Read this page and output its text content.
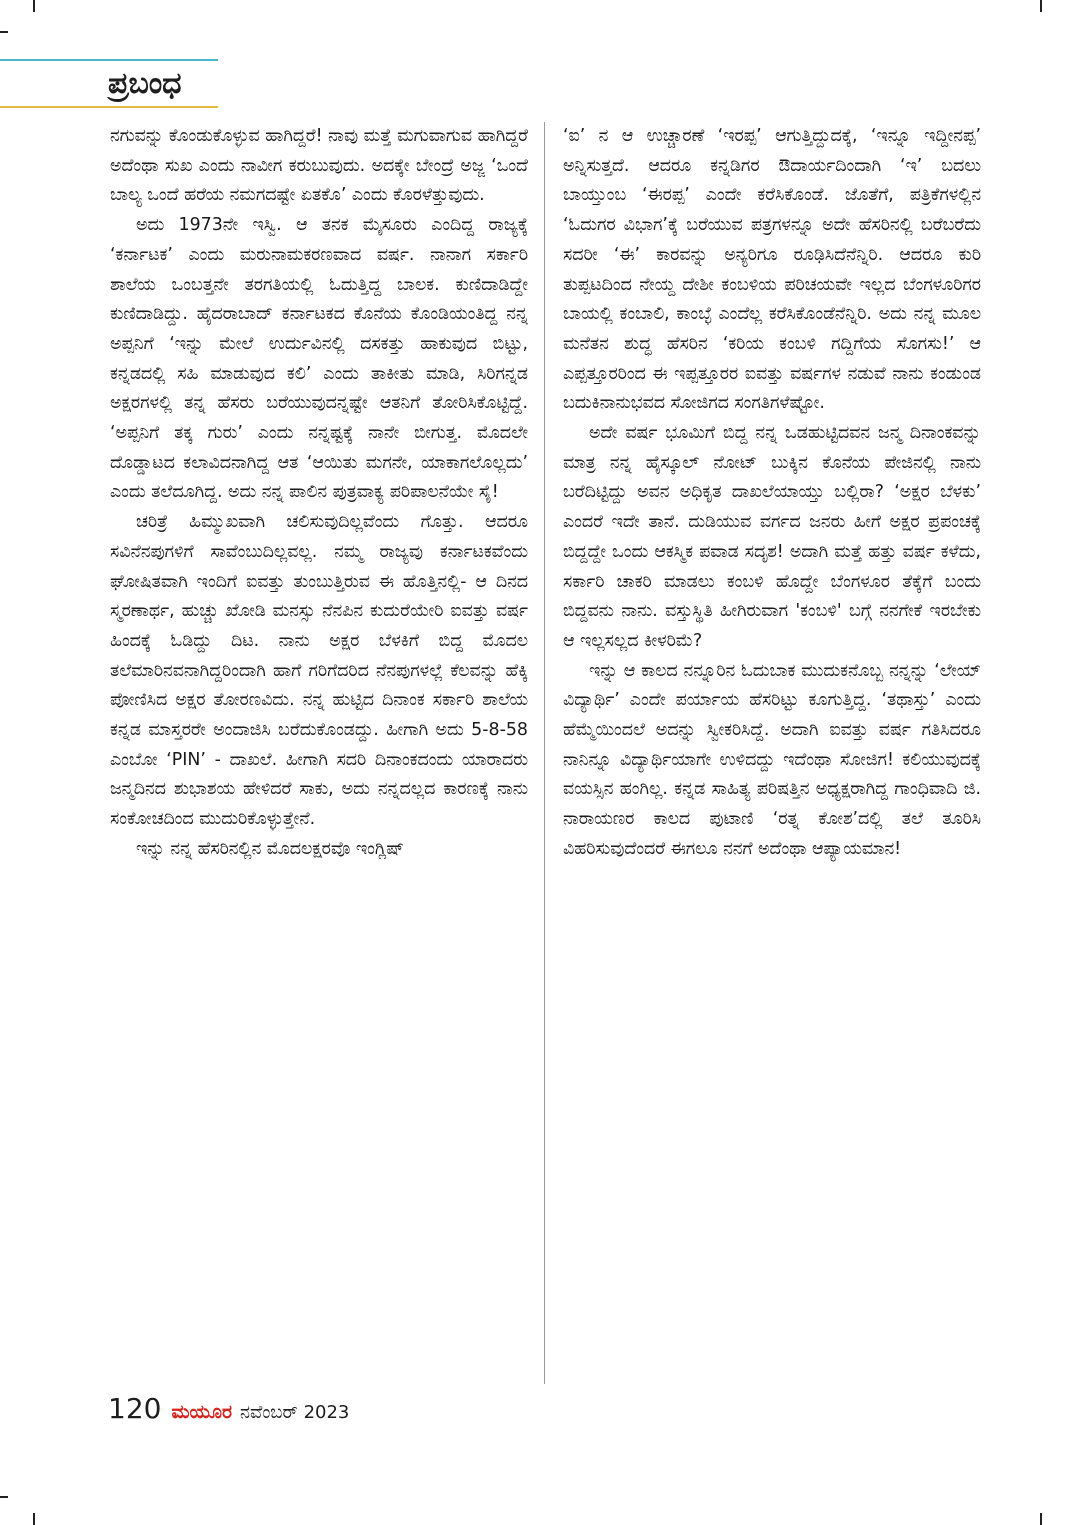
ಪ್ರಬಂಧ

ನಗುವನ್ನು ಕೊಂಡುಕೊಳ್ಳುವ ಹಾಗಿದ್ದರೆ! ನಾವು ಮತ್ತೆ ಮಗುವಾಗುವ ಹಾಗಿದ್ದರೆ ಅದೆಂಥಾ ಸುಖ ಎಂದು ನಾವೀಗ ಕರುಬುವುದು. ಅದಕ್ಕೇ ಬೇಂದ್ರೆ ಅಜ್ಜ ‘ಒಂದೆ ಬಾಲ್ಯ ಒಂದೆ ಹರೆಯ ನಮಗದಷ್ಟೇ ಏತಕೊ’ ಎಂದು ಕೊರಳೆತ್ತುವುದು.

ಅದು 1973ನೇ ಇಸ್ವಿ. ಆ ತನಕ ಮೈಸೂರು ಎಂದಿದ್ದ ರಾಜ್ಯಕ್ಕೆ ‘ಕರ್ನಾಟಕ’ ಎಂದು ಮರುನಾಮಕರಣವಾದ ವರ್ಷ. ನಾನಾಗ ಸರ್ಕಾರಿ ಶಾಲೆಯ ಒಂಬತ್ತನೇ ತರಗತಿಯಲ್ಲಿ ಓದುತ್ತಿದ್ದ ಬಾಲಕ. ಕುಣಿದಾಡಿದ್ದೇ ಕುಣಿದಾಡಿದ್ದು. ಹೈದರಾಬಾದ್ ಕರ್ನಾಟಕದ ಕೊನೆಯ ಕೊಂಡಿಯಂತಿದ್ದ ನನ್ನ ಅಪ್ಪನಿಗೆ ‘ಇನ್ನು ಮೇಲೆ ಉರ್ದುವಿನಲ್ಲಿ ದಸಕತ್ತು ಹಾಕುವುದ ಬಿಟ್ಟು, ಕನ್ನಡದಲ್ಲಿ ಸಹಿ ಮಾಡುವುದ ಕಲಿ’ ಎಂದು ತಾಕೀತು ಮಾಡಿ, ಸಿರಿಗನ್ನಡ ಅಕ್ಷರಗಳಲ್ಲಿ ತನ್ನ ಹೆಸರು ಬರೆಯುವುದನ್ನಷ್ಟೇ ಆತನಿಗೆ ತೋರಿಸಿಕೊಟ್ಟಿದ್ದೆ. ‘ಅಪ್ಪನಿಗೆ ತಕ್ಕ ಗುರು’ ಎಂದು ನನ್ನಷ್ಟಕ್ಕೆ ನಾನೇ ಬೀಗುತ್ತ. ಮೊದಲೇ ದೊಡ್ಡಾಟದ ಕಲಾವಿದನಾಗಿದ್ದ ಆತ ‘ಆಯಿತು ಮಗನೇ, ಯಾಕಾಗಲೊಲ್ಲದು’ ಎಂದು ತಲೆದೂಗಿದ್ದ. ಅದು ನನ್ನ ಪಾಲಿನ ಪುತ್ರವಾಕ್ಯ ಪರಿಪಾಲನೆಯೇ ಸೈ!

ಚರಿತ್ರೆ ಹಿಮ್ಮುಖವಾಗಿ ಚಲಿಸುವುದಿಲ್ಲವೆಂದು ಗೊತ್ತು. ಆದರೂ ಸವಿನೆನಪುಗಳಿಗೆ ಸಾವೆಂಬುದಿಲ್ಲವಲ್ಲ. ನಮ್ಮ ರಾಜ್ಯವು ಕರ್ನಾಟಕವೆಂದು ಘೋಷಿತವಾಗಿ ಇಂದಿಗೆ ಐವತ್ತು ತುಂಬುತ್ತಿರುವ ಈ ಹೊತ್ತಿನಲ್ಲಿ- ಆ ದಿನದ ಸ್ಮರಣಾರ್ಥ, ಹುಚ್ಚು ಖೋಡಿ ಮನಸ್ಸು ನೆನಪಿನ ಕುದುರೆಯೇರಿ ಐವತ್ತು ವರ್ಷ ಹಿಂದಕ್ಕೆ ಓಡಿದ್ದು ದಿಟ. ನಾನು ಅಕ್ಷರ ಬೆಳಕಿಗೆ ಬಿದ್ದ ಮೊದಲ ತಲೆಮಾರಿನವನಾಗಿದ್ದರಿಂದಾಗಿ ಹಾಗೆ ಗರಿಗೆದರಿದ ನೆನಪುಗಳಲ್ಲೆ ಕೆಲವನ್ನು ಹೆಕ್ಕಿ ಪೋಣಿಸಿದ ಅಕ್ಷರ ತೋರಣವಿದು. ನನ್ನ ಹುಟ್ಟಿದ ದಿನಾಂಕ ಸರ್ಕಾರಿ ಶಾಲೆಯ ಕನ್ನಡ ಮಾಸ್ತರರೇ ಅಂದಾಜಿಸಿ ಬರೆದುಕೊಂಡದ್ದು. ಹೀಗಾಗಿ ಅದು 5-8-58 ಎಂಬೋ ‘PIN’ - ದಾಖಲೆ. ಹೀಗಾಗಿ ಸದರಿ ದಿನಾಂಕದಂದು ಯಾರಾದರು ಜನ್ಮದಿನದ ಶುಭಾಶಯ ಹೇಳಿದರೆ ಸಾಕು, ಅದು ನನ್ನದಲ್ಲದ ಕಾರಣಕ್ಕೆ ನಾನು ಸಂಕೋಚದಿಂದ ಮುದುರಿಕೊಳ್ಳುತ್ತೇನೆ.

ಇನ್ನು ನನ್ನ ಹೆಸರಿನಲ್ಲಿನ ಮೊದಲಕ್ಷರವೊ ಇಂಗ್ಲಿಷ್

‘ಐ’ ನ ಆ ಉಚ್ಚಾರಣೆ ‘ಇರಪ್ಪ’ ಆಗುತ್ತಿದ್ದುದಕ್ಕೆ, ‘ಇನ್ನೂ ಇದ್ದೀನಪ್ಪ’ ಅನ್ನಿಸುತ್ತದೆ. ಆದರೂ ಕನ್ನಡಿಗರ ಔದಾರ್ಯದಿಂದಾಗಿ ‘ಇ’ ಬದಲು ಬಾಯ್ತುಂಬ ‘ಈರಪ್ಪ’ ಎಂದೇ ಕರೆಸಿಕೊಂಡೆ. ಜೊತೆಗೆ, ಪತ್ರಿಕೆಗಳಲ್ಲಿನ ‘ಓದುಗರ ವಿಭಾಗ’ಕ್ಕೆ ಬರೆಯುವ ಪತ್ರಗಳನ್ನೂ ಅದೇ ಹೆಸರಿನಲ್ಲಿ ಬರೆಬರೆದು ಸದರೀ ‘ಈ’ ಕಾರವನ್ನು ಅನ್ಯರಿಗೂ ರೂಢಿಸಿದೆನೆನ್ನಿರಿ. ಆದರೂ ಕುರಿ ತುಪ್ಪಟದಿಂದ ನೇಯ್ದ ದೇಶೀ ಕಂಬಳಿಯ ಪರಿಚಯವೇ ಇಲ್ಲದ ಬೆಂಗಳೂರಿಗರ ಬಾಯಲ್ಲಿ ಕಂಬಾಲಿ, ಕಾಂಬ್ಳೆ ಎಂದೆಲ್ಲ ಕರೆಸಿಕೊಂಡೆನೆನ್ನಿರಿ. ಅದು ನನ್ನ ಮೂಲ ಮನೆತನ ಶುದ್ಧ ಹೆಸರಿನ ‘ಕರಿಯ ಕಂಬಳಿ ಗದ್ದಿಗೆಯ ಸೊಗಸು!’ ಆ ಎಪ್ಪತ್ತೂರರಿಂದ ಈ ಇಪ್ಪತ್ತೂರರ ಐವತ್ತು ವರ್ಷಗಳ ನಡುವೆ ನಾನು ಕಂಡುಂಡ ಬದುಕಿನಾನುಭವದ ಸೋಜಿಗದ ಸಂಗತಿಗಳೆಷ್ಟೋ.

ಅದೇ ವರ್ಷ ಭೂಮಿಗೆ ಬಿದ್ದ ನನ್ನ ಒಡಹುಟ್ಟಿದವನ ಜನ್ಮ ದಿನಾಂಕವನ್ನು ಮಾತ್ರ ನನ್ನ ಹೈಸ್ಕೂಲ್ ನೋಟ್ ಬುಕ್ಕಿನ ಕೊನೆಯ ಪೇಜಿನಲ್ಲಿ ನಾನು ಬರೆದಿಟ್ಟಿದ್ದು ಅವನ ಅಧಿಕೃತ ದಾಖಲೆಯಾಯ್ತು ಬಲ್ಲಿರಾ? ‘ಅಕ್ಷರ ಬೆಳಕು’ ಎಂದರೆ ಇದೇ ತಾನೆ. ದುಡಿಯುವ ವರ್ಗದ ಜನರು ಹೀಗೆ ಅಕ್ಷರ ಪ್ರಪಂಚಕ್ಕೆ ಬಿದ್ದದ್ದೇ ಒಂದು ಆಕಸ್ಮಿಕ ಪವಾಡ ಸದೃಶ! ಅದಾಗಿ ಮತ್ತೆ ಹತ್ತು ವರ್ಷ ಕಳೆದು, ಸರ್ಕಾರಿ ಚಾಕರಿ ಮಾಡಲು ಕಂಬಳಿ ಹೊದ್ದೇ ಬೆಂಗಳೂರ ತೆಕ್ಕೆಗೆ ಬಂದು ಬಿದ್ದವನು ನಾನು. ವಸ್ತುಸ್ಥಿತಿ ಹೀಗಿರುವಾಗ 'ಕಂಬಳಿ' ಬಗ್ಗೆ ನನಗೇಕೆ ಇರಬೇಕು ಆ ಇಲ್ಲಸಲ್ಲದ ಕೀಳರಿಮೆ?

ಇನ್ನು ಆ ಕಾಲದ ನನ್ನೂರಿನ ಓದುಬಾಕ ಮುದುಕನೊಬ್ಬ ನನ್ನನ್ನು ‘ಲೇಯ್ ವಿದ್ಯಾರ್ಥಿ’ ಎಂದೇ ಪರ್ಯಾಯ ಹೆಸರಿಟ್ಟು ಕೂಗುತ್ತಿದ್ದ. ‘ತಥಾಸ್ತು’ ಎಂದು ಹೆಮ್ಮೆಯಿಂದಲೆ ಅದನ್ನು ಸ್ವೀಕರಿಸಿದ್ದೆ. ಅದಾಗಿ ಐವತ್ತು ವರ್ಷ ಗತಿಸಿದರೂ ನಾನಿನ್ನೂ ವಿದ್ಯಾರ್ಥಿಯಾಗೇ ಉಳಿದದ್ದು ಇದೆಂಥಾ ಸೋಜಿಗ! ಕಲಿಯುವುದಕ್ಕೆ ವಯಸ್ಸಿನ ಹಂಗಿಲ್ಲ. ಕನ್ನಡ ಸಾಹಿತ್ಯ ಪರಿಷತ್ತಿನ ಅಧ್ಯಕ್ಷರಾಗಿದ್ದ ಗಾಂಧಿವಾದಿ ಜಿ. ನಾರಾಯಣರ ಕಾಲದ ಪುಟಾಣಿ ‘ರತ್ನ ಕೋಶ’ದಲ್ಲಿ ತಲೆ ತೂರಿಸಿ ವಿಹರಿಸುವುದೆಂದರೆ ಈಗಲೂ ನನಗೆ ಅದೆಂಥಾ ಆಪ್ಯಾಯಮಾನ!

120 ಮಯೂರ ನವೆಂಬರ್ 2023
